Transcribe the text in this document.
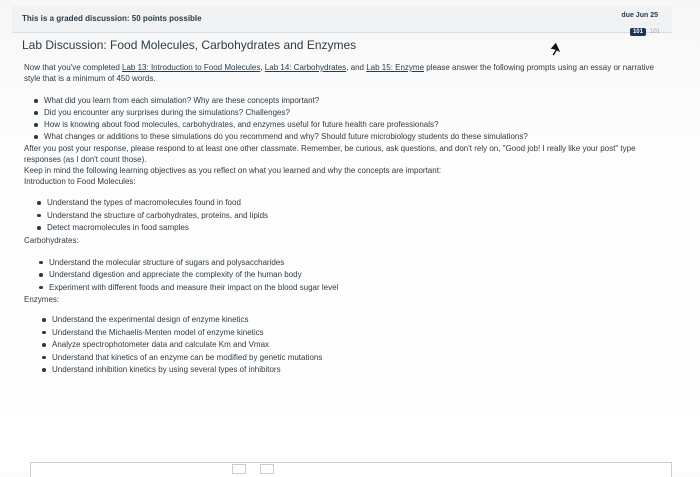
This is a graded discussion: 50 points possible	due Jun 25
101	101
Lab Discussion: Food Molecules, Carbohydrates and Enzymes

Now that you've completed Lab 13: Introduction to Food Molecules, Lab 14: Carbohydrates, and Lab 15: Enzyme please answer the following prompts using an essay or narrative style that is a minimum of 450 words.

What did you learn from each simulation? Why are these concepts important?
Did you encounter any surprises during the simulations? Challenges?
How is knowing about food molecules, carbohydrates, and enzymes useful for future health care professionals?
What changes or additions to these simulations do you recommend and why? Should future microbiology students do these simulations?

After you post your response, please respond to at least one other classmate. Remember, be curious, ask questions, and don't rely on, "Good job! I really like your post" type responses (as I don't count those).

Keep in mind the following learning objectives as you reflect on what you learned and why the concepts are important:

Introduction to Food Molecules:

Understand the types of macromolecules found in food
Understand the structure of carbohydrates, proteins, and lipids
Detect macromolecules in food samples

Carbohydrates:

Understand the molecular structure of sugars and polysaccharides
Understand digestion and appreciate the complexity of the human body
Experiment with different foods and measure their impact on the blood sugar level

Enzymes:

Understand the experimental design of enzyme kinetics
Understand the Michaelis-Menten model of enzyme kinetics
Analyze spectrophotometer data and calculate Km and Vmax
Understand that kinetics of an enzyme can be modified by genetic mutations
Understand inhibition kinetics by using several types of inhibitors
